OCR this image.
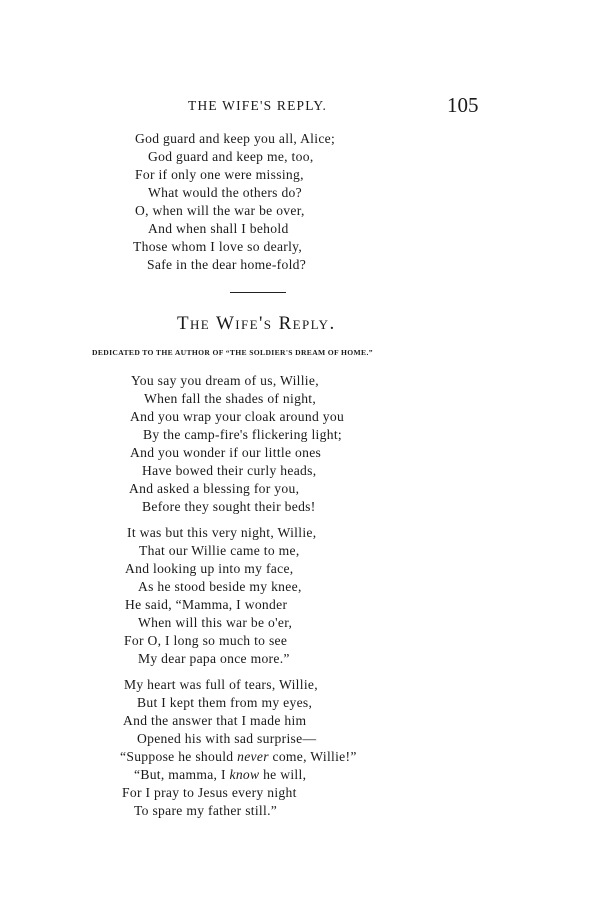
THE WIFE'S REPLY.	105
God guard and keep you all, Alice;
God guard and keep me, too,
For if only one were missing,
What would the others do?
O, when will the war be over,
And when shall I behold
Those whom I love so dearly,
Safe in the dear home-fold?
The Wife's Reply.
DEDICATED TO THE AUTHOR OF “THE SOLDIER'S DREAM OF HOME.”
You say you dream of us, Willie,
When fall the shades of night,
And you wrap your cloak around you
By the camp-fire's flickering light;
And you wonder if our little ones
Have bowed their curly heads,
And asked a blessing for you,
Before they sought their beds!
It was but this very night, Willie,
That our Willie came to me,
And looking up into my face,
As he stood beside my knee,
He said, “Mamma, I wonder
When will this war be o'er,
For O, I long so much to see
My dear papa once more.”
My heart was full of tears, Willie,
But I kept them from my eyes,
And the answer that I made him
Opened his with sad surprise—
“Suppose he should never come, Willie!”
“But, mamma, I know he will,
For I pray to Jesus every night
To spare my father still.”
